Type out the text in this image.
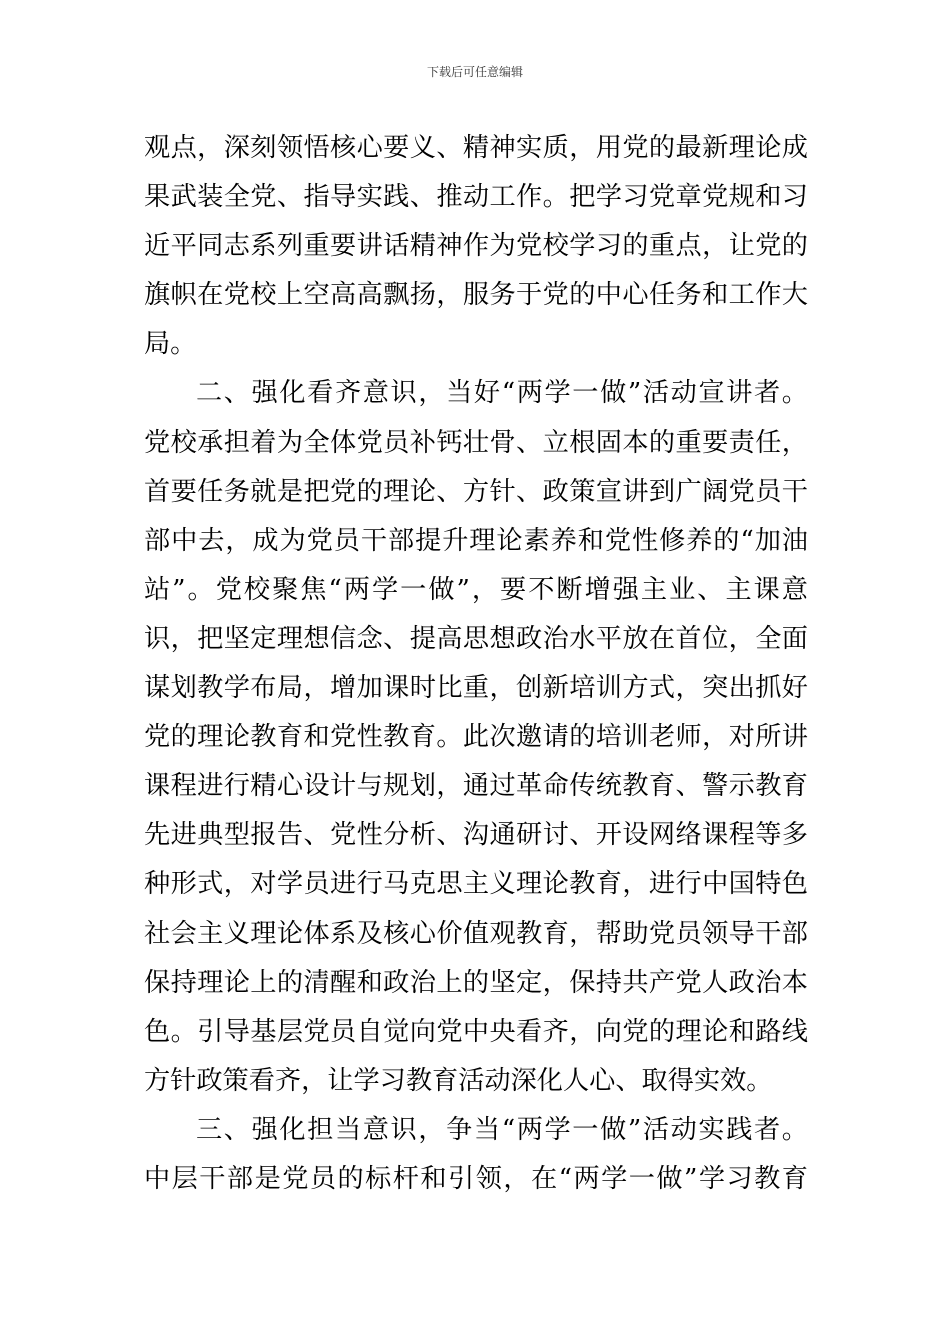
下载后可任意编辑
观点，深刻领悟核心要义、精神实质，用党的最新理论成
果武装全党、指导实践、推动工作。把学习党章党规和习
近平同志系列重要讲话精神作为党校学习的重点，让党的
旗帜在党校上空高高飘扬，服务于党的中心任务和工作大
局。
二、强化看齐意识，当好“两学一做”活动宣讲者。
党校承担着为全体党员补钙壮骨、立根固本的重要责任，
首要任务就是把党的理论、方针、政策宣讲到广阔党员干
部中去，成为党员干部提升理论素养和党性修养的“加油
站”。党校聚焦“两学一做”，要不断增强主业、主课意
识，把坚定理想信念、提高思想政治水平放在首位，全面
谋划教学布局，增加课时比重，创新培训方式，突出抓好
党的理论教育和党性教育。此次邀请的培训老师，对所讲
课程进行精心设计与规划，通过革命传统教育、警示教育
先进典型报告、党性分析、沟通研讨、开设网络课程等多
种形式，对学员进行马克思主义理论教育，进行中国特色
社会主义理论体系及核心价值观教育，帮助党员领导干部
保持理论上的清醒和政治上的坚定，保持共产党人政治本
色。引导基层党员自觉向党中央看齐，向党的理论和路线
方针政策看齐，让学习教育活动深化人心、取得实效。
三、强化担当意识，争当“两学一做”活动实践者。
中层干部是党员的标杆和引领，在“两学一做”学习教育
